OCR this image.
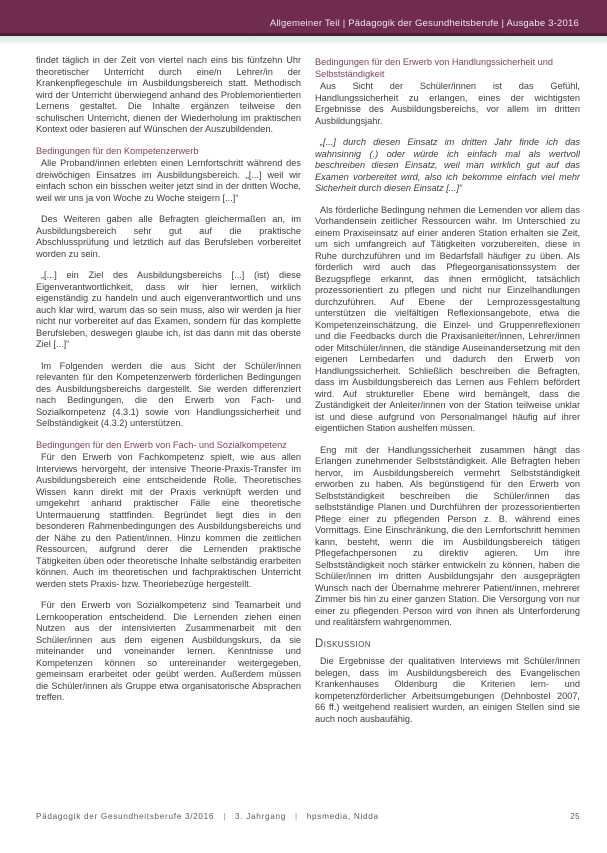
Allgemeiner Teil | Pädagogik der Gesundheitsberufe | Ausgabe 3-2016
findet täglich in der Zeit von viertel nach eins bis fünfzehn Uhr theoretischer Unterricht durch eine/n Lehrer/in der Krankenpflegeschule im Ausbildungsbereich statt. Methodisch wird der Unterricht überwiegend anhand des Problemorientierten Lernens gestaltet. Die Inhalte ergänzen teilweise den schulischen Unterricht, dienen der Wiederholung im praktischen Kontext oder basieren auf Wünschen der Auszubildenden.
Bedingungen für den Kompetenzerwerb
Alle Proband/innen erlebten einen Lernfortschritt während des dreiwöchigen Einsatzes im Ausbildungsbereich. „[...] weil wir einfach schon ein bisschen weiter jetzt sind in der dritten Woche, weil wir uns ja von Woche zu Woche steigern [...]“
Des Weiteren gaben alle Befragten gleichermaßen an, im Ausbildungsbereich sehr gut auf die praktische Abschlussprüfung und letztlich auf das Berufsleben vorbereitet worden zu sein.
„[...] ein Ziel des Ausbildungsbereichs [...] (ist) diese Eigenverantwortlichkeit, dass wir hier lernen, wirklich eigenständig zu handeln und auch eigenverantwortlich und uns auch klar wird, warum das so sein muss, also wir werden ja hier nicht nur vorbereitet auf das Examen, sondern für das komplette Berufsleben, deswegen glaube ich, ist das dann mit das oberste Ziel [...]“
Im Folgenden werden die aus Sicht der Schüler/innen relevanten für den Kompetenzerwerb förderlichen Bedingungen des Ausbildungsbereichs dargestellt. Sie werden differenziert nach Bedingungen, die den Erwerb von Fach- und Sozialkompetenz (4.3.1) sowie von Handlungssicherheit und Selbständigkeit (4.3.2) unterstützen.
Bedingungen für den Erwerb von Fach- und Sozialkompetenz
Für den Erwerb von Fachkompetenz spielt, wie aus allen Interviews hervorgeht, der intensive Theorie-Praxis-Transfer im Ausbildungsbereich eine entscheidende Rolle. Theoretisches Wissen kann direkt mit der Praxis verknüpft werden und umgekehrt anhand praktischer Fälle eine theoretische Untermauerung stattfinden. Begründet liegt dies in den besonderen Rahmenbedingungen des Ausbildungsbereichs und der Nähe zu den Patient/innen. Hinzu kommen die zeitlichen Ressourcen, aufgrund derer die Lernenden praktische Tätigkeiten üben oder theoretische Inhalte selbständig erarbeiten können. Auch im theoretischen und fachpraktischen Unterricht werden stets Praxis- bzw. Theoriebezüge hergestellt.
Für den Erwerb von Sozialkompetenz sind Teamarbeit und Lernkooperation entscheidend. Die Lernenden ziehen einen Nutzen aus der intensivierten Zusammenarbeit mit den Schüler/innen aus dem eigenen Ausbildungskurs, da sie miteinander und voneinander lernen. Kenntnisse und Kompetenzen können so untereinander weitergegeben, gemeinsam erarbeitet oder geübt werden. Außerdem müssen die Schüler/innen als Gruppe etwa organisatorische Absprachen treffen.
Bedingungen für den Erwerb von Handlungssicherheit und Selbstständigkeit
Aus Sicht der Schüler/innen ist das Gefühl, Handlungssicherheit zu erlangen, eines der wichtigsten Ergebnisse des Ausbildungsbereichs, vor allem im dritten Ausbildungsjahr.
„[...] durch diesen Einsatz im dritten Jahr finde ich das wahnsinnig (.) oder würde ich einfach mal als wertvoll beschreiben diesen Einsatz, weil man wirklich gut auf das Examen vorbereitet wird, also ich bekomme einfach viel mehr Sicherheit durch diesen Einsatz [...]“
Als förderliche Bedingung nehmen die Lernenden vor allem das Vorhandensein zeitlicher Ressourcen wahr. Im Unterschied zu einem Praxiseinsatz auf einer anderen Station erhalten sie Zeit, um sich umfangreich auf Tätigkeiten vorzubereiten, diese in Ruhe durchzuführen und im Bedarfsfall häufiger zu üben. Als förderlich wird auch das Pflegeorganisationssystem der Bezugspflege erkannt, das ihnen ermöglicht, tatsächlich prozessorientiert zu pflegen und nicht nur Einzelhandlungen durchzuführen. Auf Ebene der Lernprozessgestaltung unterstützen die vielfältigen Reflexionsangebote, etwa die Kompetenzeinschätzung, die Einzel- und Gruppenreflexionen und die Feedbacks durch die Praxisanleiter/innen, Lehrer/innen oder Mitschüler/innen, die ständige Auseinandersetzung mit den eigenen Lernbedarfen und dadurch den Erwerb von Handlungssicherheit. Schließlich beschreiben die Befragten, dass im Ausbildungsbereich das Lernen aus Fehlern befördert wird. Auf struktureller Ebene wird bemängelt, dass die Zuständigkeit der Anleiter/innen von der Station teilweise unklar ist und diese aufgrund von Personalmangel häufig auf ihrer eigentlichen Station aushelfen müssen.
Eng mit der Handlungssicherheit zusammen hängt das Erlangen zunehmender Selbstständigkeit. Alle Befragten heben hervor, im Ausbildungsbereich vermehrt Selbstständigkeit erworben zu haben. Als begünstigend für den Erwerb von Selbstständigkeit beschreiben die Schüler/innen das selbstständige Planen und Durchführen der prozessorientierten Pflege einer zu pflegenden Person z. B. während eines Vormittags. Eine Einschränkung, die den Lernfortschritt hemmen kann, besteht, wenn die im Ausbildungsbereich tätigen Pflegefachpersonen zu direktiv agieren. Um ihre Selbstständigkeit noch stärker entwickeln zu können, haben die Schüler/innen im dritten Ausbildungsjahr den ausgeprägten Wunsch nach der Übernahme mehrerer Patient/innen, mehrerer Zimmer bis hin zu einer ganzen Station. Die Versorgung von nur einer zu pflegenden Person wird von ihnen als Unterforderung und realitätsfern wahrgenommen.
Diskussion
Die Ergebnisse der qualitativen Interviews mit Schüler/innen belegen, dass im Ausbildungsbereich des Evangelischen Krankenhauses Oldenburg die Kriterien lern- und kompetenzförderlicher Arbeitsumgebungen (Dehnbostel 2007, 66 ff.) weitgehend realisiert wurden, an einigen Stellen sind sie auch noch ausbaufähig.
Pädagogik der Gesundheitsberufe 3/2016 | 3. Jahrgang | hpsmedia, Nidda	25
